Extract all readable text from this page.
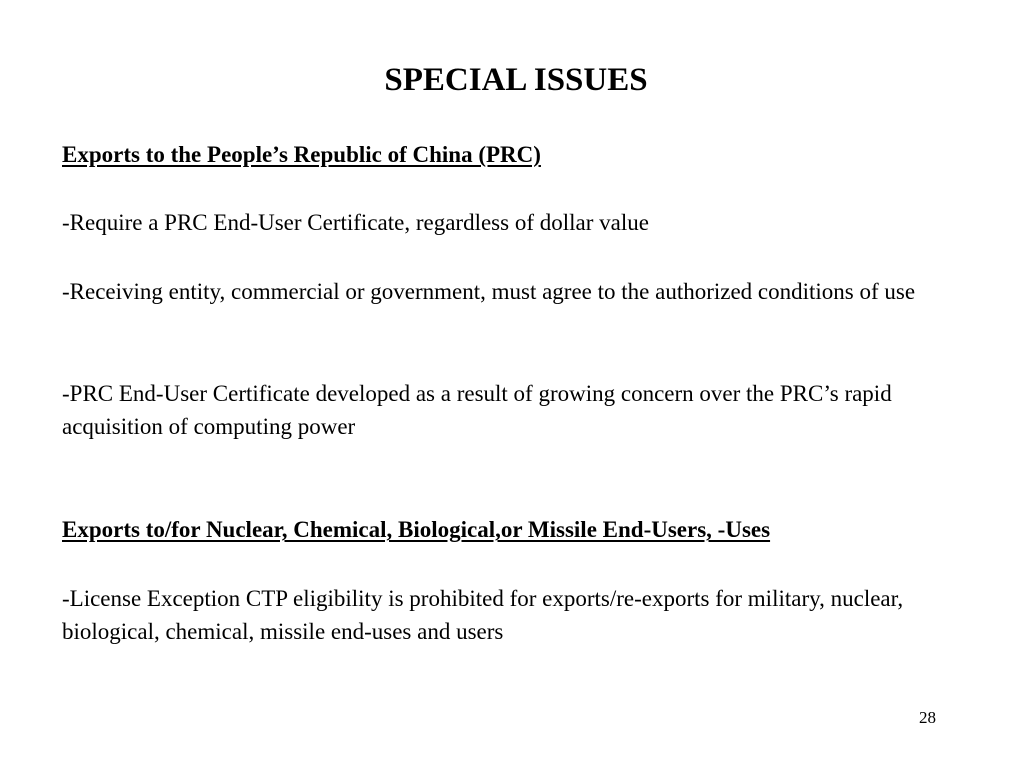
SPECIAL ISSUES

Exports to the People’s Republic of China (PRC)

-Require a PRC End-User Certificate, regardless of dollar value

-Receiving entity, commercial or government, must agree to the authorized conditions of use

-PRC End-User Certificate developed as a result of growing concern over the PRC’s rapid acquisition of computing power

Exports to/for Nuclear, Chemical, Biological,or Missile End-Users, -Uses

-License Exception CTP eligibility is prohibited for exports/re-exports for military, nuclear, biological, chemical, missile end-uses and users

28
